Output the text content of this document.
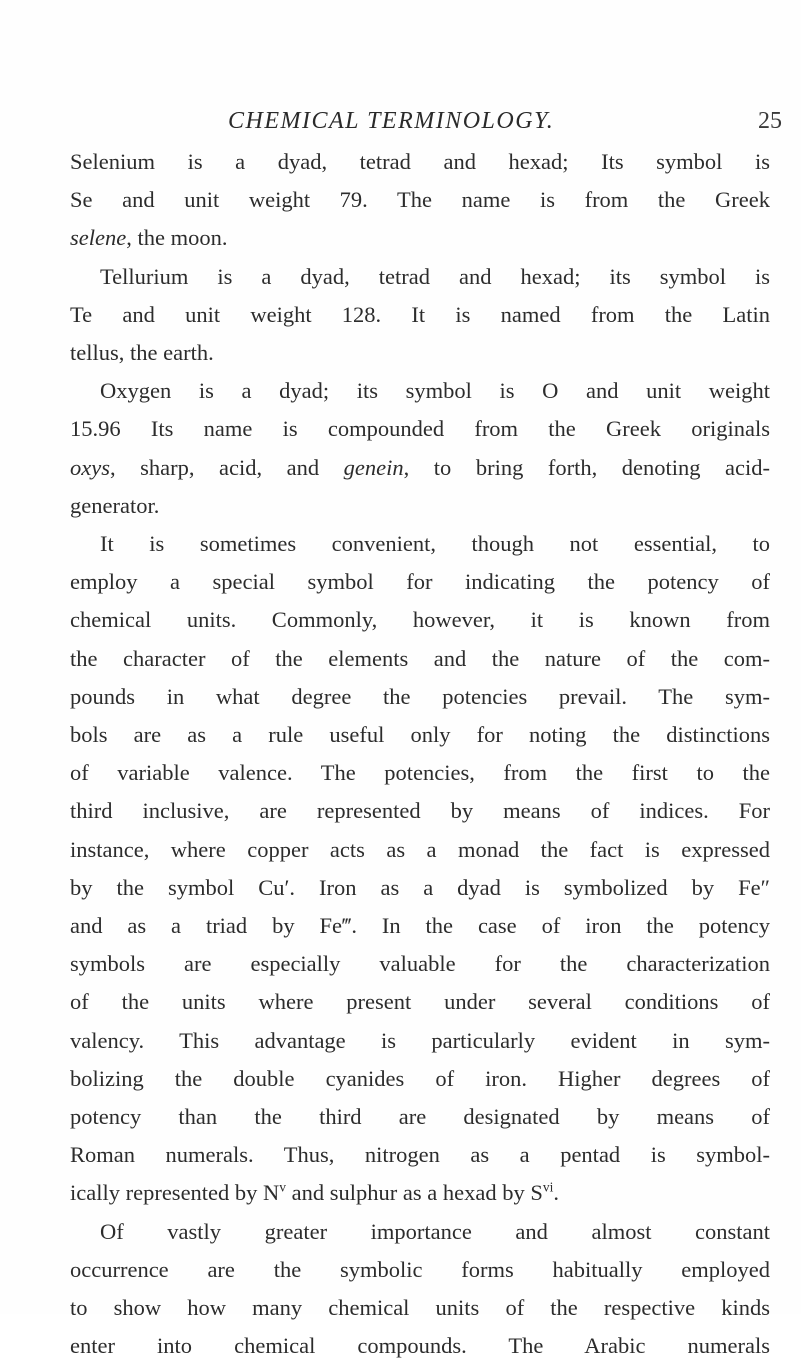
CHEMICAL TERMINOLOGY.	25
Selenium is a dyad, tetrad and hexad; Its symbol is
Se and unit weight 79. The name is from the Greek
selene, the moon.
Tellurium is a dyad, tetrad and hexad; its symbol is
Te and unit weight 128. It is named from the Latin
tellus, the earth.
Oxygen is a dyad; its symbol is O and unit weight
15.96 Its name is compounded from the Greek originals
oxys, sharp, acid, and genein, to bring forth, denoting acid-
generator.
It is sometimes convenient, though not essential, to
employ a special symbol for indicating the potency of
chemical units. Commonly, however, it is known from
the character of the elements and the nature of the com-
pounds in what degree the potencies prevail. The sym-
bols are as a rule useful only for noting the distinctions
of variable valence. The potencies, from the first to the
third inclusive, are represented by means of indices. For
instance, where copper acts as a monad the fact is expressed
by the symbol Cu′. Iron as a dyad is symbolized by Fe″
and as a triad by Fe‴. In the case of iron the potency
symbols are especially valuable for the characterization
of the units where present under several conditions of
valency. This advantage is particularly evident in sym-
bolizing the double cyanides of iron. Higher degrees of
potency than the third are designated by means of
Roman numerals. Thus, nitrogen as a pentad is symbol-
ically represented by $N^v$ and sulphur as a hexad by $S^{vi}$.
Of vastly greater importance and almost constant
occurrence are the symbolic forms habitually employed
to show how many chemical units of the respective kinds
enter into chemical compounds. The Arabic numerals
